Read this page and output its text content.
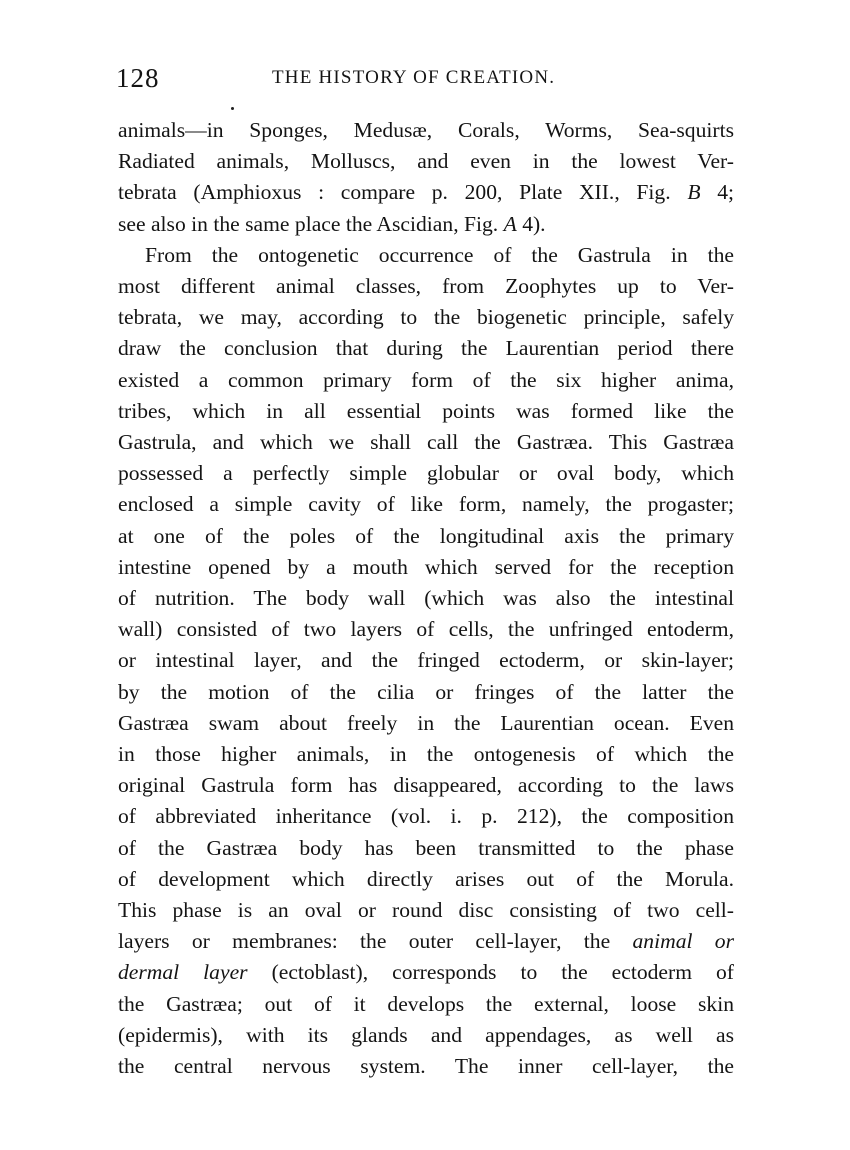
128	THE HISTORY OF CREATION.

animals—in Sponges, Medusæ, Corals, Worms, Sea-squirts
Radiated animals, Molluscs, and even in the lowest Ver-
tebrata (Amphioxus : compare p. 200, Plate XII., Fig. B 4;
see also in the same place the Ascidian, Fig. A 4).

From the ontogenetic occurrence of the Gastrula in the
most different animal classes, from Zoophytes up to Ver-
tebrata, we may, according to the biogenetic principle, safely
draw the conclusion that during the Laurentian period there
existed a common primary form of the six higher anima,
tribes, which in all essential points was formed like the
Gastrula, and which we shall call the Gastræa. This Gastræa
possessed a perfectly simple globular or oval body, which
enclosed a simple cavity of like form, namely, the progaster;
at one of the poles of the longitudinal axis the primary
intestine opened by a mouth which served for the reception
of nutrition. The body wall (which was also the intestinal
wall) consisted of two layers of cells, the unfringed entoderm,
or intestinal layer, and the fringed ectoderm, or skin-layer;
by the motion of the cilia or fringes of the latter the
Gastræa swam about freely in the Laurentian ocean. Even
in those higher animals, in the ontogenesis of which the
original Gastrula form has disappeared, according to the laws
of abbreviated inheritance (vol. i. p. 212), the composition
of the Gastræa body has been transmitted to the phase
of development which directly arises out of the Morula.
This phase is an oval or round disc consisting of two cell-
layers or membranes: the outer cell-layer, the animal or
dermal layer (ectoblast), corresponds to the ectoderm of
the Gastræa; out of it develops the external, loose skin
(epidermis), with its glands and appendages, as well as
the central nervous system. The inner cell-layer, the
